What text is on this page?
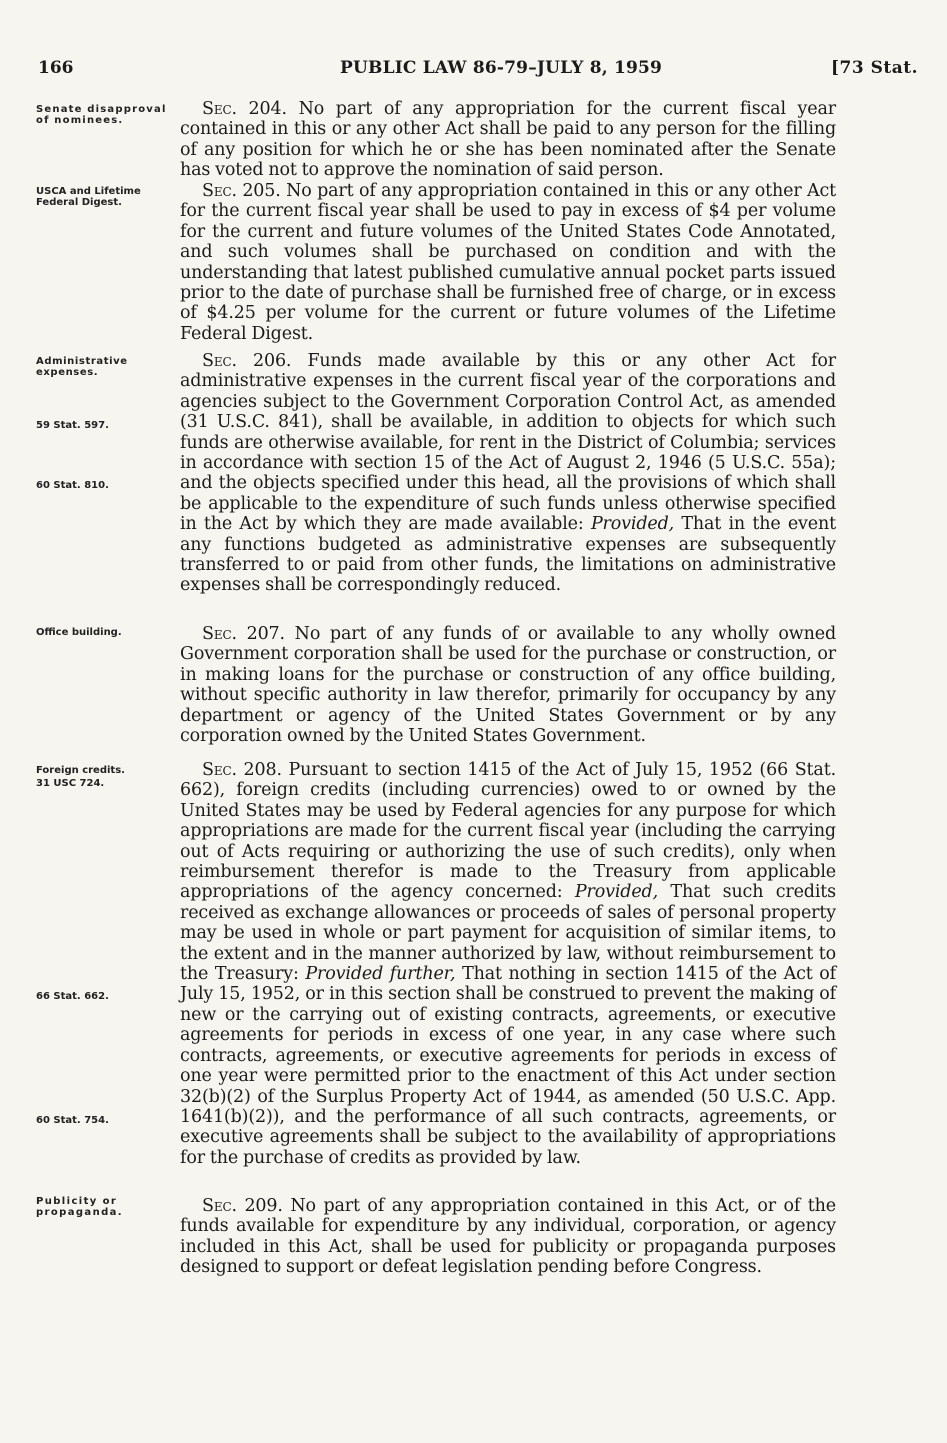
166	PUBLIC LAW 86-79–JULY 8, 1959	[73 Stat.
Senate disapproval of nominees.
USCA and Lifetime Federal Digest.
Administrative expenses.
59 Stat. 597.
60 Stat. 810.
Office building.
Foreign credits.
31 USC 724.
66 Stat. 662.
60 Stat. 754.
Publicity or propaganda.
Sec. 204. No part of any appropriation for the current fiscal year contained in this or any other Act shall be paid to any person for the filling of any position for which he or she has been nominated after the Senate has voted not to approve the nomination of said person.
Sec. 205. No part of any appropriation contained in this or any other Act for the current fiscal year shall be used to pay in excess of $4 per volume for the current and future volumes of the United States Code Annotated, and such volumes shall be purchased on condition and with the understanding that latest published cumulative annual pocket parts issued prior to the date of purchase shall be furnished free of charge, or in excess of $4.25 per volume for the current or future volumes of the Lifetime Federal Digest.
Sec. 206. Funds made available by this or any other Act for administrative expenses in the current fiscal year of the corporations and agencies subject to the Government Corporation Control Act, as amended (31 U.S.C. 841), shall be available, in addition to objects for which such funds are otherwise available, for rent in the District of Columbia; services in accordance with section 15 of the Act of August 2, 1946 (5 U.S.C. 55a); and the objects specified under this head, all the provisions of which shall be applicable to the expenditure of such funds unless otherwise specified in the Act by which they are made available: Provided, That in the event any functions budgeted as administrative expenses are subsequently transferred to or paid from other funds, the limitations on administrative expenses shall be correspondingly reduced.
Sec. 207. No part of any funds of or available to any wholly owned Government corporation shall be used for the purchase or construction, or in making loans for the purchase or construction of any office building, without specific authority in law therefor, primarily for occupancy by any department or agency of the United States Government or by any corporation owned by the United States Government.
Sec. 208. Pursuant to section 1415 of the Act of July 15, 1952 (66 Stat. 662), foreign credits (including currencies) owed to or owned by the United States may be used by Federal agencies for any purpose for which appropriations are made for the current fiscal year (including the carrying out of Acts requiring or authorizing the use of such credits), only when reimbursement therefor is made to the Treasury from applicable appropriations of the agency concerned: Provided, That such credits received as exchange allowances or proceeds of sales of personal property may be used in whole or part payment for acquisition of similar items, to the extent and in the manner authorized by law, without reimbursement to the Treasury: Provided further, That nothing in section 1415 of the Act of July 15, 1952, or in this section shall be construed to prevent the making of new or the carrying out of existing contracts, agreements, or executive agreements for periods in excess of one year, in any case where such contracts, agreements, or executive agreements for periods in excess of one year were permitted prior to the enactment of this Act under section 32(b)(2) of the Surplus Property Act of 1944, as amended (50 U.S.C. App. 1641(b)(2)), and the performance of all such contracts, agreements, or executive agreements shall be subject to the availability of appropriations for the purchase of credits as provided by law.
Sec. 209. No part of any appropriation contained in this Act, or of the funds available for expenditure by any individual, corporation, or agency included in this Act, shall be used for publicity or propaganda purposes designed to support or defeat legislation pending before Congress.
